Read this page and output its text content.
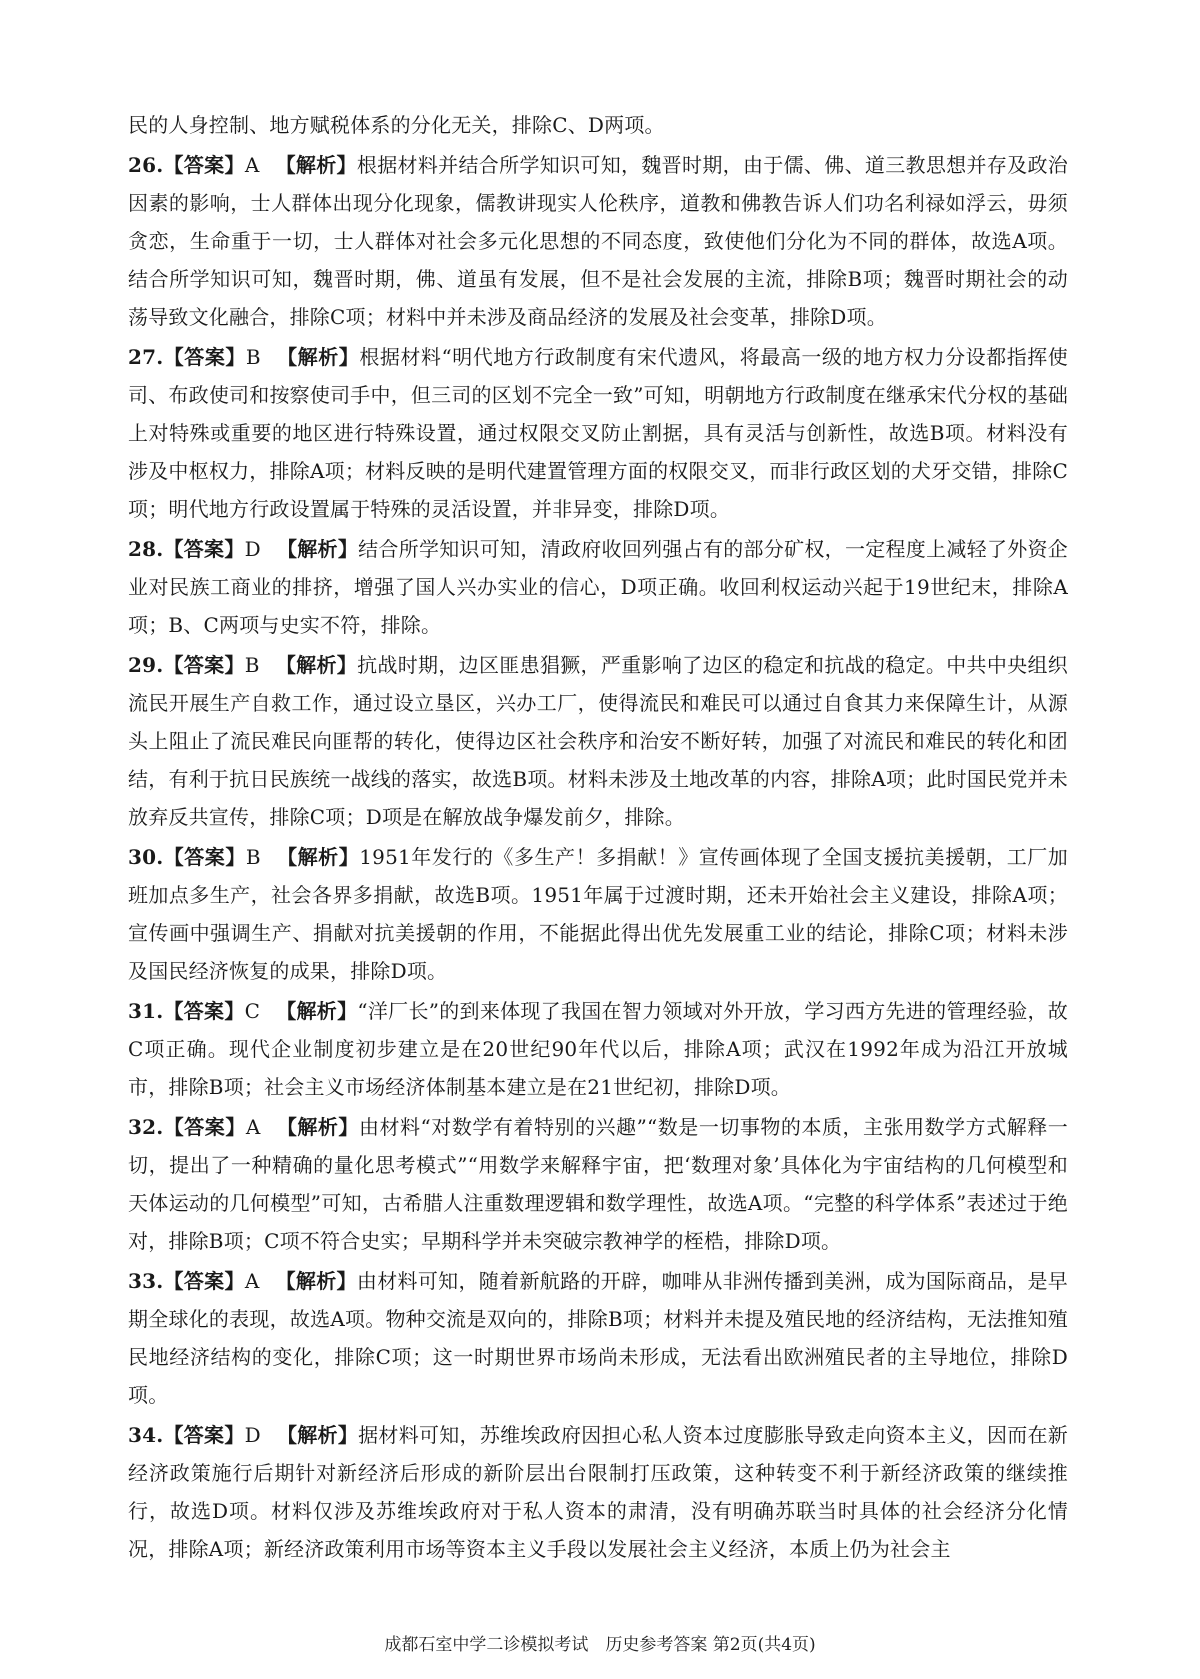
民的人身控制、地方赋税体系的分化无关，排除C、D两项。

26.【答案】A 【解析】根据材料并结合所学知识可知，魏晋时期，由于儒、佛、道三教思想并存及政治因素的影响，士人群体出现分化现象，儒教讲现实人伦秩序，道教和佛教告诉人们功名利禄如浮云，毋须贪恋，生命重于一切，士人群体对社会多元化思想的不同态度，致使他们分化为不同的群体，故选A项。结合所学知识可知，魏晋时期，佛、道虽有发展，但不是社会发展的主流，排除B项；魏晋时期社会的动荡导致文化融合，排除C项；材料中并未涉及商品经济的发展及社会变革，排除D项。

27.【答案】B 【解析】根据材料“明代地方行政制度有宋代遗风，将最高一级的地方权力分设都指挥使司、布政使司和按察使司手中，但三司的区划不完全一致”可知，明朝地方行政制度在继承宋代分权的基础上对特殊或重要的地区进行特殊设置，通过权限交叉防止割据，具有灵活与创新性，故选B项。材料没有涉及中枢权力，排除A项；材料反映的是明代建置管理方面的权限交叉，而非行政区划的犬牙交错，排除C项；明代地方行政设置属于特殊的灵活设置，并非异变，排除D项。

28.【答案】D 【解析】结合所学知识可知，清政府收回列强占有的部分矿权，一定程度上减轻了外资企业对民族工商业的排挤，增强了国人兴办实业的信心，D项正确。收回利权运动兴起于19世纪末，排除A项；B、C两项与史实不符，排除。

29.【答案】B 【解析】抗战时期，边区匪患猖獗，严重影响了边区的稳定和抗战的稳定。中共中央组织流民开展生产自救工作，通过设立垦区，兴办工厂，使得流民和难民可以通过自食其力来保障生计，从源头上阻止了流民难民向匪帮的转化，使得边区社会秩序和治安不断好转，加强了对流民和难民的转化和团结，有利于抗日民族统一战线的落实，故选B项。材料未涉及土地改革的内容，排除A项；此时国民党并未放弃反共宣传，排除C项；D项是在解放战争爆发前夕，排除。

30.【答案】B 【解析】1951年发行的《多生产！多捐献！》宣传画体现了全国支援抗美援朝，工厂加班加点多生产，社会各界多捐献，故选B项。1951年属于过渡时期，还未开始社会主义建设，排除A项；宣传画中强调生产、捐献对抗美援朝的作用，不能据此得出优先发展重工业的结论，排除C项；材料未涉及国民经济恢复的成果，排除D项。

31.【答案】C 【解析】“洋厂长”的到来体现了我国在智力领域对外开放，学习西方先进的管理经验，故C项正确。现代企业制度初步建立是在20世纪90年代以后，排除A项；武汉在1992年成为沿江开放城市，排除B项；社会主义市场经济体制基本建立是在21世纪初，排除D项。

32.【答案】A 【解析】由材料“对数学有着特别的兴趣”“数是一切事物的本质，主张用数学方式解释一切，提出了一种精确的量化思考模式”“用数学来解释宇宙，把‘数理对象’具体化为宇宙结构的几何模型和天体运动的几何模型”可知，古希腊人注重数理逻辑和数学理性，故选A项。“完整的科学体系”表述过于绝对，排除B项；C项不符合史实；早期科学并未突破宗教神学的桎梏，排除D项。

33.【答案】A 【解析】由材料可知，随着新航路的开辟，咖啡从非洲传播到美洲，成为国际商品，是早期全球化的表现，故选A项。物种交流是双向的，排除B项；材料并未提及殖民地的经济结构，无法推知殖民地经济结构的变化，排除C项；这一时期世界市场尚未形成，无法看出欧洲殖民者的主导地位，排除D项。

34.【答案】D 【解析】据材料可知，苏维埃政府因担心私人资本过度膨胀导致走向资本主义，因而在新经济政策施行后期针对新经济后形成的新阶层出台限制打压政策，这种转变不利于新经济政策的继续推行，故选D项。材料仅涉及苏维埃政府对于私人资本的肃清，没有明确苏联当时具体的社会经济分化情况，排除A项；新经济政策利用市场等资本主义手段以发展社会主义经济，本质上仍为社会主

成都石室中学二诊模拟考试　历史参考答案 第2页(共4页)
